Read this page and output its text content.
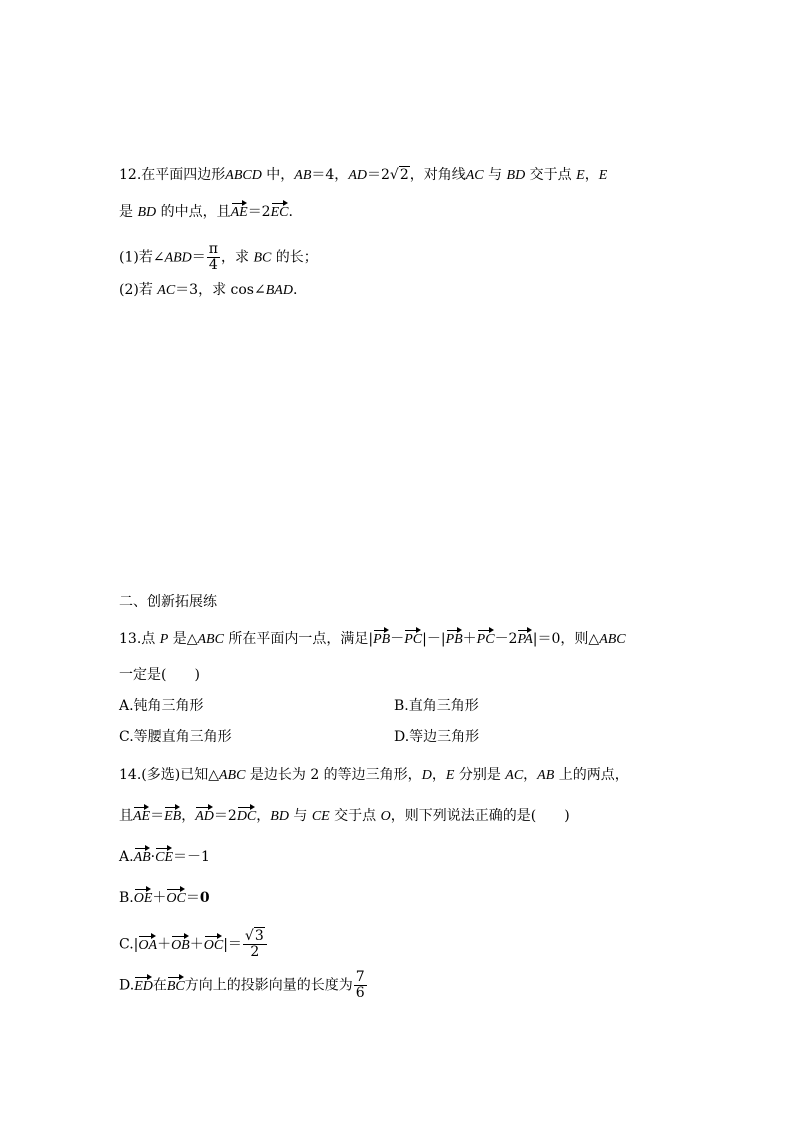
12.在平面四边形ABCD 中，AB＝4，AD＝2√2，对角线AC 与 BD 交于点 E，E
是 BD 的中点，且AE＝2EC.
(1)若∠ABD＝ $\frac{\pi}{4}$ ，求 BC 的长；
(2)若 AC＝3，求 cos∠BAD.
二、创新拓展练
13.点 P 是△ABC 所在平面内一点，满足|PB－PC|－|PB＋PC－2PA|＝0，则△ABC
一定是(　　)
A.钝角三角形	B.直角三角形
C.等腰直角三角形	D.等边三角形
14.(多选)已知△ABC 是边长为 2 的等边三角形，D，E 分别是 AC，AB 上的两点，
且AE＝EB，AD＝2DC，BD 与 CE 交于点 O，则下列说法正确的是(　　)
A.AB·CE＝－1
B.OE＋OC＝0
$C.|OA+OB+OC|= \frac{√3}{2}$
D.ED在BC方向上的投影向量的长度为 $\frac{7}{6}$
